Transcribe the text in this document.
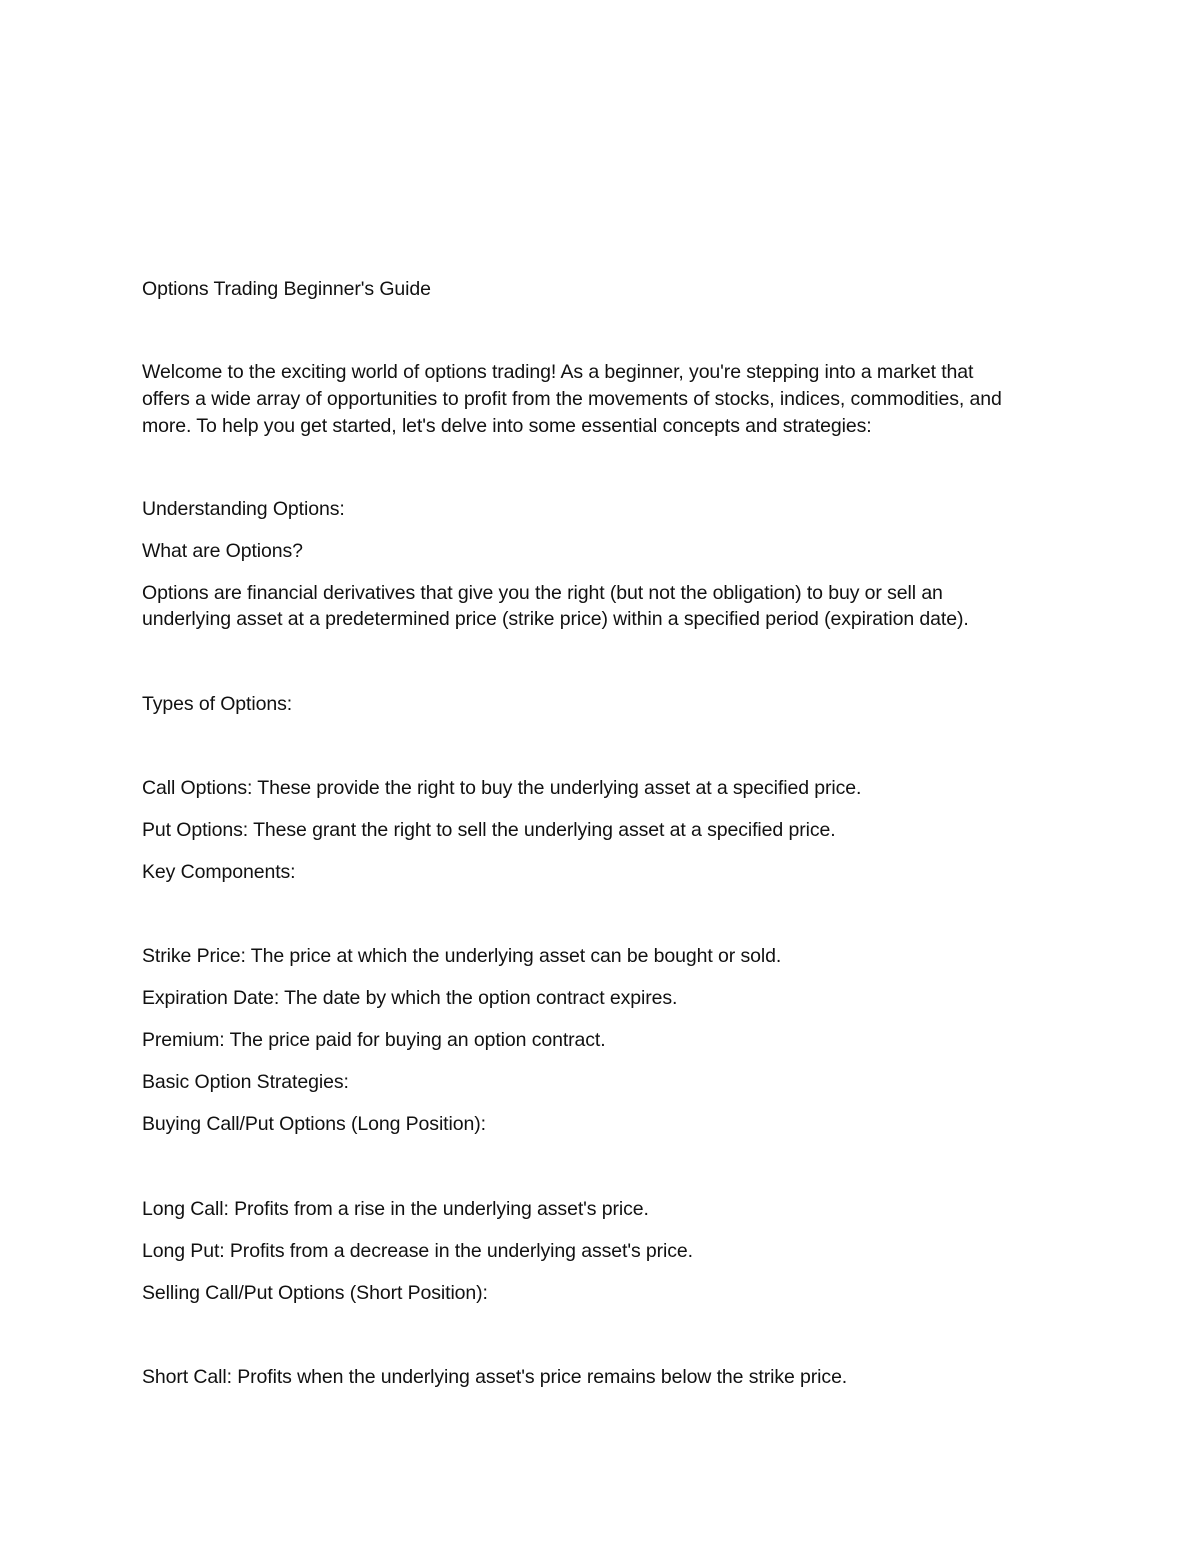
Options Trading Beginner's Guide
Welcome to the exciting world of options trading! As a beginner, you're stepping into a market that
offers a wide array of opportunities to profit from the movements of stocks, indices, commodities, and
more. To help you get started, let's delve into some essential concepts and strategies:
Understanding Options:
What are Options?
Options are financial derivatives that give you the right (but not the obligation) to buy or sell an
underlying asset at a predetermined price (strike price) within a specified period (expiration date).
Types of Options:
Call Options: These provide the right to buy the underlying asset at a specified price.
Put Options: These grant the right to sell the underlying asset at a specified price.
Key Components:
Strike Price: The price at which the underlying asset can be bought or sold.
Expiration Date: The date by which the option contract expires.
Premium: The price paid for buying an option contract.
Basic Option Strategies:
Buying Call/Put Options (Long Position):
Long Call: Profits from a rise in the underlying asset's price.
Long Put: Profits from a decrease in the underlying asset's price.
Selling Call/Put Options (Short Position):
Short Call: Profits when the underlying asset's price remains below the strike price.
